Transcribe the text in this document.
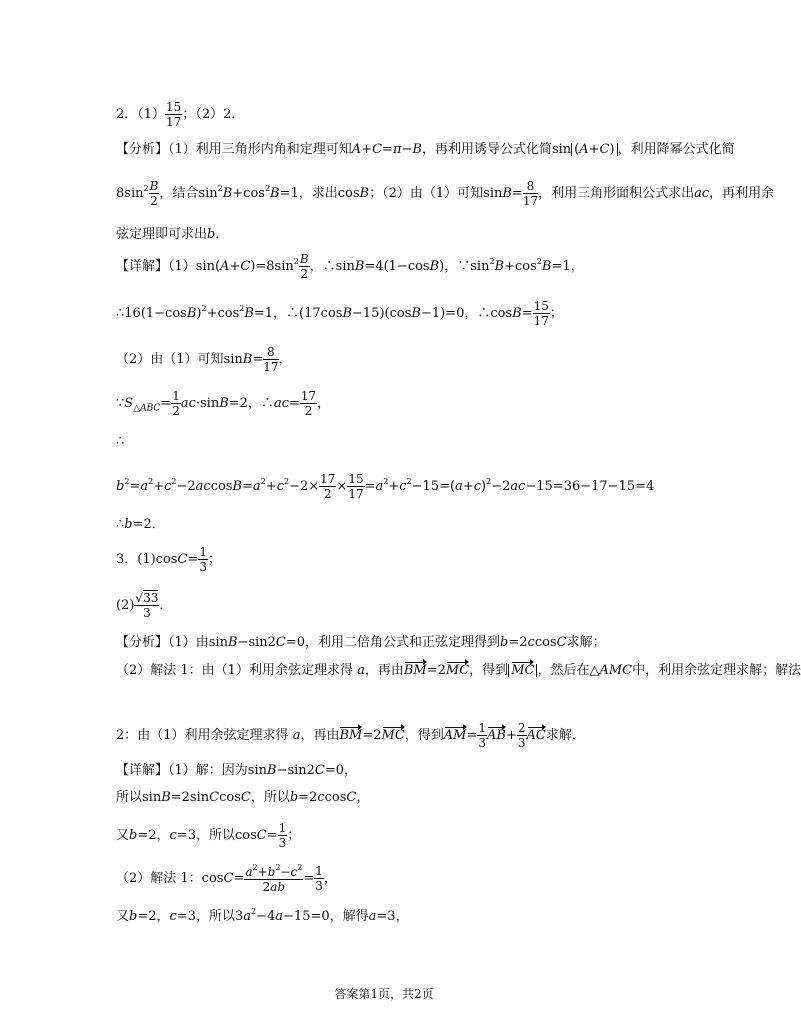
2．$(1) \frac{15}{17}$ ；（2）2．
【分析】（1）利用三角形内角和定理可知A+C=π−B，再利用诱导公式化简sin (A+C) ，利用降幂公式化简
$8\sin^2 \frac{B}{2}$ ，结合$\sin^2B+\cos^2B=1$，求出cosB；（2）由（1）可知$\sin B= \frac{8}{17}$ ，利用三角形面积公式求出ac，再利用余
弦定理即可求出b．
【详解】$(1)\sin(A+C)=8\sin^2 \frac{B}{2}$ ，∴sinB=4(1−cosB)，$\because\sin^2B+\cos^2B=1$，
$\therefore 16(1-\cos B)^2+\cos^2B=1$，∴(17cosB−15)(cosB−1)=0，∴cosB= $\frac{15}{17}$ ；
（2）由（1）可知$\sin B= \frac{8}{17}$ ，
$\because S_{\triangle ABC}= \frac{1}{2} ac\cdot\sin B=2$，∴ac= $\frac{17}{2}$ ，
∴
$b^2=a^2+c^2-2accosB=a^2+c^2-2\times \frac{17}{2} \times \frac{15}{17} =a^2+c^2-15=(a+c)^2-2ac-15=36-17-15=4$
∴b=2．
3．$(1)\cos C= \frac{1}{3}$ ；
$(2) \frac{√33}{3}$ ．
【分析】（1）由sinB−sin2C=0，利用二倍角公式和正弦定理得到b=2ccosC求解；
（2）解法 1：由（1）利用余弦定理求得 a，再由BM=2MC，得到 MC ，然后在△AMC中，利用余弦定理求解；解法
2：由（1）利用余弦定理求得 a，再由BM=2MC，得到$AM= \frac{1}{3} AB+ \frac{2}{3}$ AC求解．
【详解】（1）解：因为sinB−sin2C=0，
所以sinB=2sinCcosC，所以b=2ccosC，
又b=2，c=3，所以$\cos C= \frac{1}{3}$ ；
（2）解法 1：$\cos C= \frac{a^2+b^2-c^2}{2ab} = \frac{1}{3}$ ，
又b=2，c=3，所以$3a^2-4a-15=0$，解得a=3，
答案第1页，共2页
